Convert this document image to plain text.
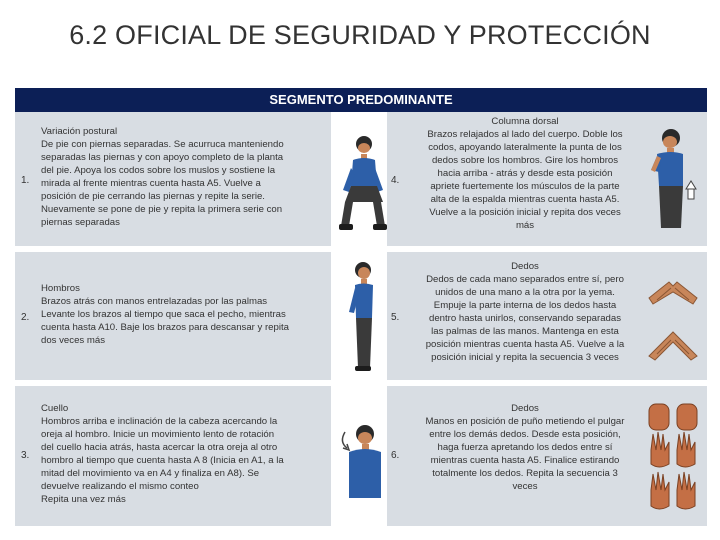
6.2 OFICIAL DE SEGURIDAD Y PROTECCIÓN
SEGMENTO PREDOMINANTE
1.
Variación postural
De pie con piernas separadas. Se acurruca manteniendo
separadas las piernas y con apoyo completo de la planta
del pie. Apoya los codos sobre los muslos y sostiene la
mirada al frente mientras cuenta hasta A5. Vuelve a
posición de pie cerrando las piernas y repite la serie.
Nuevamente se pone de pie y repita la primera serie con
piernas separadas
4.
Columna dorsal
Brazos relajados al lado del cuerpo. Doble los
codos, apoyando lateralmente la punta de los
dedos sobre los hombros. Gire los hombros
hacia arriba - atrás y desde esta posición
apriete fuertemente los músculos de la parte
alta de la espalda mientras cuenta hasta A5.
Vuelve a la posición inicial y repita dos veces
más
2.
Hombros
Brazos atrás con manos entrelazadas por las palmas
Levante los brazos al tiempo que saca el pecho, mientras
cuenta hasta A10. Baje los brazos para descansar y repita
dos veces más
5.
Dedos
Dedos de cada mano separados entre sí, pero
unidos de una mano a la otra por la yema.
Empuje la parte interna de los dedos hasta
dentro hasta unirlos, conservando separadas
las palmas de las manos. Mantenga en esta
posición mientras cuenta hasta A5. Vuelve a la
posición inicial y repita la secuencia 3 veces
3.
Cuello
Hombros arriba e inclinación de la cabeza acercando la
oreja al hombro. Inicie un movimiento lento de rotación
del cuello hacia atrás, hasta acercar la otra oreja al otro
hombro al tiempo que cuenta hasta A 8 (Inicia en A1, a la
mitad del movimiento va en A4 y finaliza en A8). Se
devuelve realizando el mismo conteo
Repita una vez más
6.
Dedos
Manos en posición de puño metiendo el pulgar
entre los demás dedos. Desde esta posición,
haga fuerza apretando los dedos entre sí
mientras cuenta hasta A5. Finalice estirando
totalmente los dedos. Repita la secuencia 3
veces
